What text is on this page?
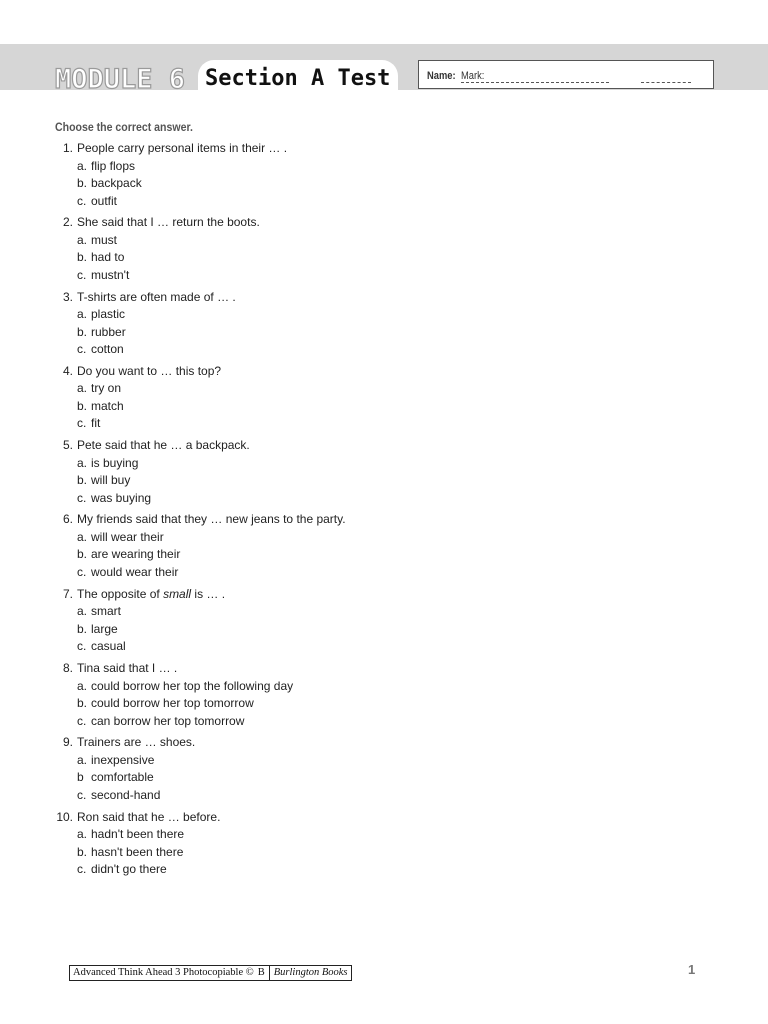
MODULE 6 Section A Test	Name: Mark:
Choose the correct answer.
1. People carry personal items in their … .
a. flip flops
b. backpack
c. outfit
2. She said that I … return the boots.
a. must
b. had to
c. mustn't
3. T-shirts are often made of … .
a. plastic
b. rubber
c. cotton
4. Do you want to … this top?
a. try on
b. match
c. fit
5. Pete said that he … a backpack.
a. is buying
b. will buy
c. was buying
6. My friends said that they … new jeans to the party.
a. will wear their
b. are wearing their
c. would wear their
7. The opposite of small is … .
a. smart
b. large
c. casual
8. Tina said that I … .
a. could borrow her top the following day
b. could borrow her top tomorrow
c. can borrow her top tomorrow
9. Trainers are … shoes.
a. inexpensive
b comfortable
c. second-hand
10. Ron said that he … before.
a. hadn't been there
b. hasn't been there
c. didn't go there
Advanced Think Ahead 3 Photocopiable © B Burlington Books	1
